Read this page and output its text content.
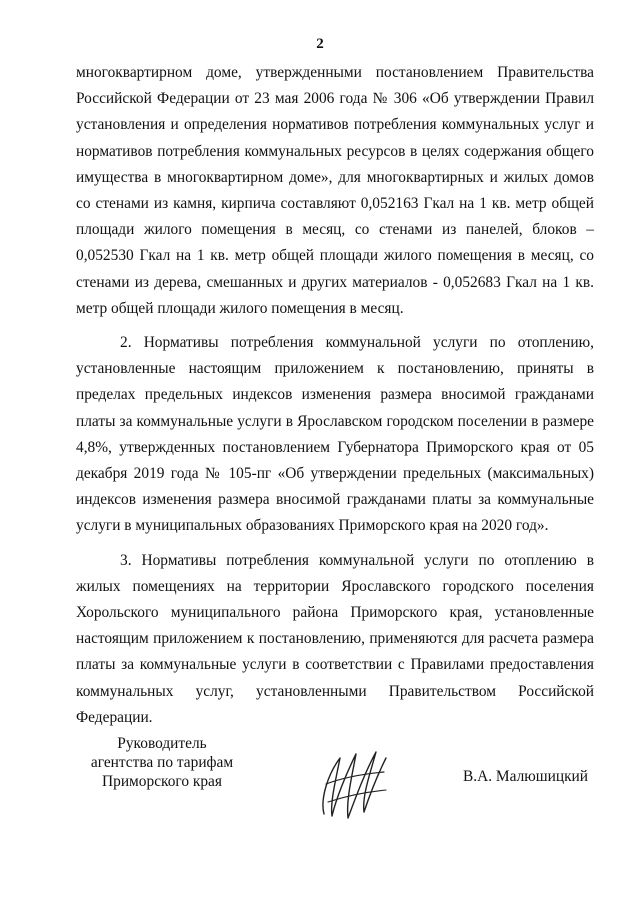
2

многоквартирном доме, утвержденными постановлением Правительства Российской Федерации от 23 мая 2006 года № 306 «Об утверждении Правил установления и определения нормативов потребления коммунальных услуг и нормативов потребления коммунальных ресурсов в целях содержания общего имущества в многоквартирном доме», для многоквартирных и жилых домов со стенами из камня, кирпича составляют 0,052163 Гкал на 1 кв. метр общей площади жилого помещения в месяц, со стенами из панелей, блоков – 0,052530 Гкал на 1 кв. метр общей площади жилого помещения в месяц, со стенами из дерева, смешанных и других материалов - 0,052683 Гкал на 1 кв. метр общей площади жилого помещения в месяц.

2. Нормативы потребления коммунальной услуги по отоплению, установленные настоящим приложением к постановлению, приняты в пределах предельных индексов изменения размера вносимой гражданами платы за коммунальные услуги в Ярославском городском поселении в размере 4,8%, утвержденных постановлением Губернатора Приморского края от 05 декабря 2019 года № 105-пг «Об утверждении предельных (максимальных) индексов изменения размера вносимой гражданами платы за коммунальные услуги в муниципальных образованиях Приморского края на 2020 год».

3. Нормативы потребления коммунальной услуги по отоплению в жилых помещениях на территории Ярославского городского поселения Хорольского муниципального района Приморского края, установленные настоящим приложением к постановлению, применяются для расчета размера платы за коммунальные услуги в соответствии с Правилами предоставления коммунальных услуг, установленными Правительством Российской Федерации.

Руководитель
агентства по тарифам
Приморского края	В.А. Малюшицкий
